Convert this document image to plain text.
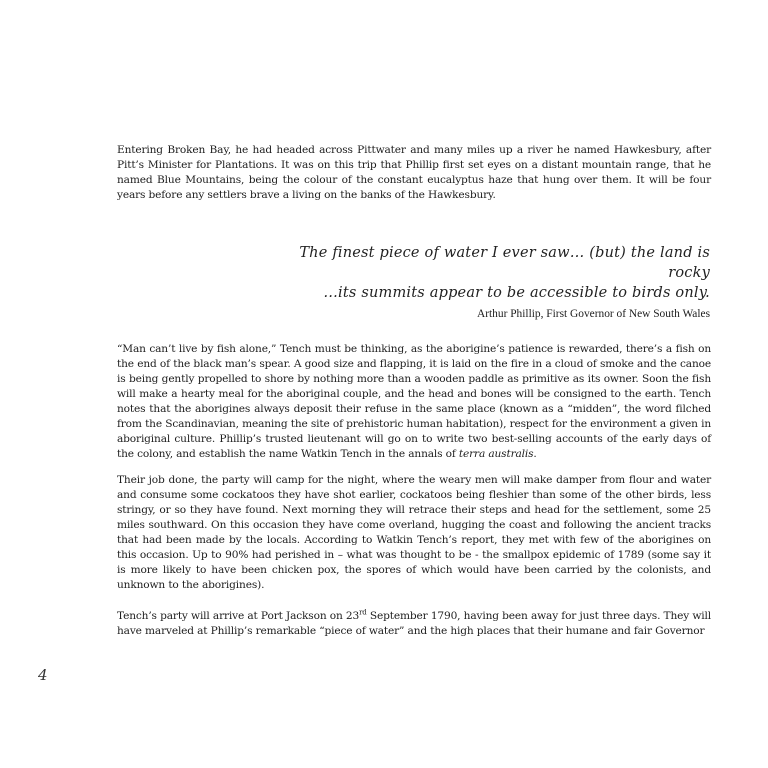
Entering Broken Bay, he had headed across Pittwater and many miles up a river he named Hawkesbury, after Pitt’s Minister for Plantations. It was on this trip that Phillip first set eyes on a distant mountain range, that he named Blue Mountains, being the colour of the constant eucalyptus haze that hung over them. It will be four years before any settlers brave a living on the banks of the Hawkesbury.

The finest piece of water I ever saw… (but) the land is rocky
…its summits appear to be accessible to birds only.
Arthur Phillip, First Governor of New South Wales

“Man can’t live by fish alone,” Tench must be thinking, as the aborigine’s patience is rewarded, there’s a fish on the end of the black man’s spear. A good size and flapping, it is laid on the fire in a cloud of smoke and the canoe is being gently propelled to shore by nothing more than a wooden paddle as primitive as its owner. Soon the fish will make a hearty meal for the aboriginal couple, and the head and bones will be consigned to the earth. Tench notes that the aborigines always deposit their refuse in the same place (known as a “midden”, the word filched from the Scandinavian, meaning the site of prehistoric human habitation), respect for the environment a given in aboriginal culture. Phillip’s trusted lieutenant will go on to write two best-selling accounts of the early days of the colony, and establish the name Watkin Tench in the annals of terra australis.

Their job done, the party will camp for the night, where the weary men will make damper from flour and water and consume some cockatoos they have shot earlier, cockatoos being fleshier than some of the other birds, less stringy, or so they have found. Next morning they will retrace their steps and head for the settlement, some 25 miles southward. On this occasion they have come overland, hugging the coast and following the ancient tracks that had been made by the locals. According to Watkin Tench’s report, they met with few of the aborigines on this occasion. Up to 90% had perished in – what was thought to be - the smallpox epidemic of 1789 (some say it is more likely to have been chicken pox, the spores of which would have been carried by the colonists, and unknown to the aborigines).

Tench’s party will arrive at Port Jackson on 23rd September 1790, having been away for just three days. They will have marveled at Phillip’s remarkable “piece of water” and the high places that their humane and fair Governor

4
